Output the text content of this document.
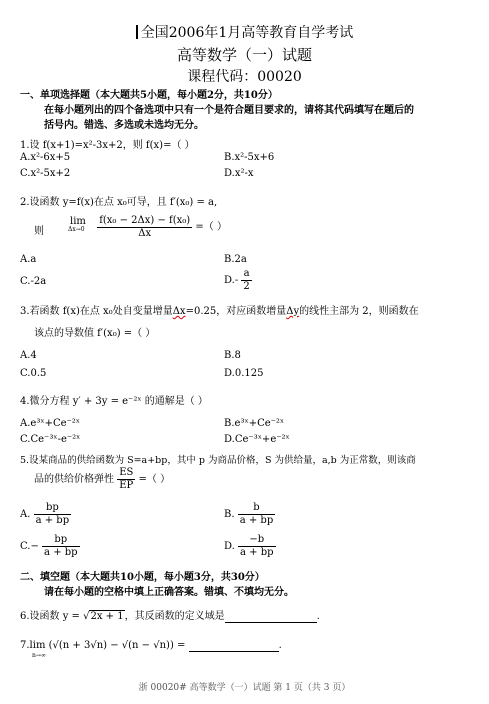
全国2006年1月高等教育自学考试
高等数学（一）试题
课程代码：00020
一、单项选择题（本大题共5小题，每小题2分，共10分）
在每小题列出的四个备选项中只有一个是符合题目要求的，请将其代码填写在题后的
括号内。错选、多选或未选均无分。
1.设 f(x+1)=x²-3x+2，则 f(x)=（ ）
A.x²-6x+5	B.x²-5x+6
C.x²-5x+2	D.x²-x
2.设函数 y=f(x)在点 x₀可导，且 f′(x₀) = a,
则
lim
Δx→0
$\frac{\text{f(x₀ − 2Δx) − f(x₀)}}{\Delta x}$ =（ ）
A.a	B.2a
C.-2a	$D.- \frac{a}{2}$
3.若函数 f(x)在点 x₀处自变量增量Δx=0.25，对应函数增量Δy的线性主部为 2，则函数在
该点的导数值 f′(x₀) =（ ）
A.4	B.8
C.0.5	D.0.125
4.微分方程 y′ + 3y = e⁻²ˣ 的通解是（ ）
A.e³ˣ+Ce⁻²ˣ	B.e³ˣ+Ce⁻²ˣ
C.Ce⁻³ˣ-e⁻²ˣ	D.Ce⁻³ˣ+e⁻²ˣ
5.设某商品的供给函数为 S=a+bp，其中 p 为商品价格，S 为供给量，a,b 为正常数，则该商
品的供给价格弹性 $\frac{ES}{EP}$ =（ ）
A. $\frac{bp}{a + bp}$	B. $\frac{b}{a + bp}$
$C.- \frac{bp}{a + bp}$	D. $\frac{-b}{a + bp}$
二、填空题（本大题共10小题，每小题3分，共30分）
请在每小题的空格中填上正确答案。错填、不填均无分。
6.设函数 y = √2x + 1，其反函数的定义域是	.
7.lim
n→∞
(√(n + 3√n) − √(n − √n)) =	.
浙 00020# 高等数学（一）试题 第 1 页（共 3 页）
